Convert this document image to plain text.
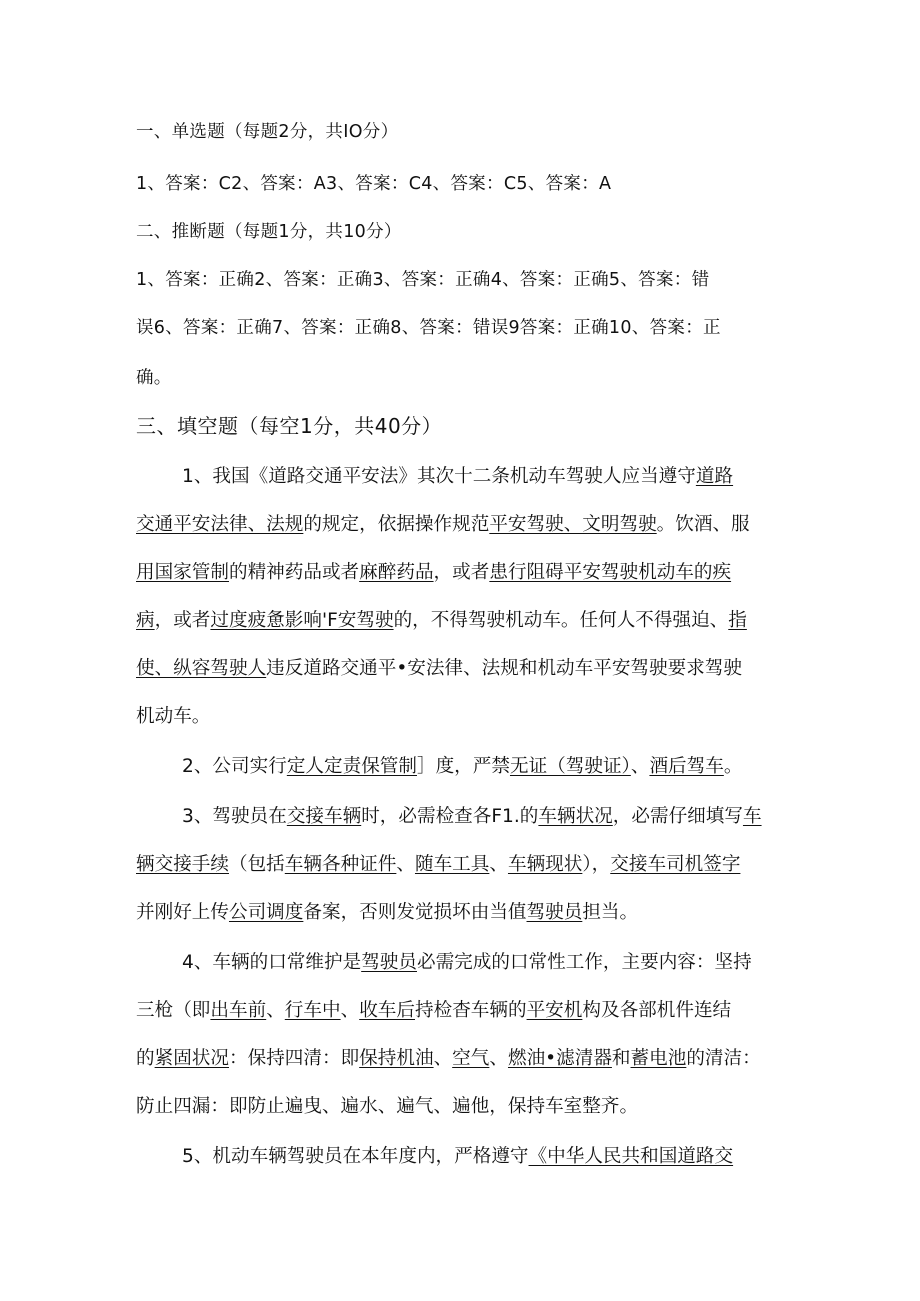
一、单选题（每题2分，共IO分）
1、答案：C2、答案：A3、答案：C4、答案：C5、答案：A
二、推断题（每题1分，共10分）
1、答案：正确2、答案：正确3、答案：正确4、答案：正确5、答案：错
误6、答案：正确7、答案：正确8、答案：错误9答案：正确10、答案：正
确。
三、填空题（每空1分，共40分）
1、我国《道路交通平安法》其次十二条机动车驾驶人应当遵守道路
交通平安法律、法规的规定，依据操作规范平安驾驶、文明驾驶。饮酒、服
用国家管制的精神药品或者麻醉药品，或者患行阻碍平安驾驶机动车的疾
病，或者过度疲惫影响'F安驾驶的，不得驾驶机动车。任何人不得强迫、指
使、纵容驾驶人违反道路交通平•安法律、法规和机动车平安驾驶要求驾驶
机动车。
2、公司实行定人定责保管制］度，严禁无证（驾驶证）、酒后驾车。
3、驾驶员在交接车辆时，必需检查各F1.的车辆状况，必需仔细填写车
辆交接手续（包括车辆各种证件、随车工具、车辆现状），交接车司机签字
并刚好上传公司调度备案，否则发觉损坏由当值驾驶员担当。
4、车辆的口常维护是驾驶员必需完成的口常性工作，主要内容：坚持
三枪（即出车前、行车中、收车后持检杳车辆的平安机构及各部机件连结
的紧固状况：保持四清：即保持机油、空气、燃油•滤清器和蓄电池的清洁：
防止四漏：即防止遍曳、遍水、遍气、遍他，保持车室整齐。
5、机动车辆驾驶员在本年度内，严格遵守《中华人民共和国道路交
